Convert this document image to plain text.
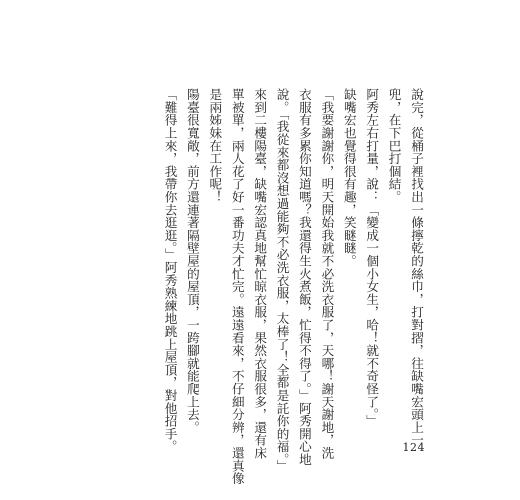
說完，從桶子裡找出一條擰乾的絲巾，打對摺，往缺嘴宏頭上一
兜，在下巴打個結。
阿秀左右打量，說：「變成一個小女生，哈！就不奇怪了。」
缺嘴宏也覺得很有趣，笑瞇瞇。
「我要謝謝你，明天開始我就不必洗衣服了，天哪！謝天謝地，洗
衣服有多累你知道嗎？我還得生火煮飯，忙得不得了。」阿秀開心地
說。「我從來都沒想過能夠不必洗衣服，太棒了！全都是託你的福。」
來到二樓陽臺，缺嘴宏認真地幫忙晾衣服，果然衣服很多，還有床
單被單，兩人花了好一番功夫才忙完。遠遠看來，不仔細分辨，還真像
是兩姊妹在工作呢！
陽臺很寬敞，前方還連著隔壁屋的屋頂，一跨腳就能爬上去。
「難得上來，我帶你去逛逛。」阿秀熟練地跳上屋頂，對他招手。	124
